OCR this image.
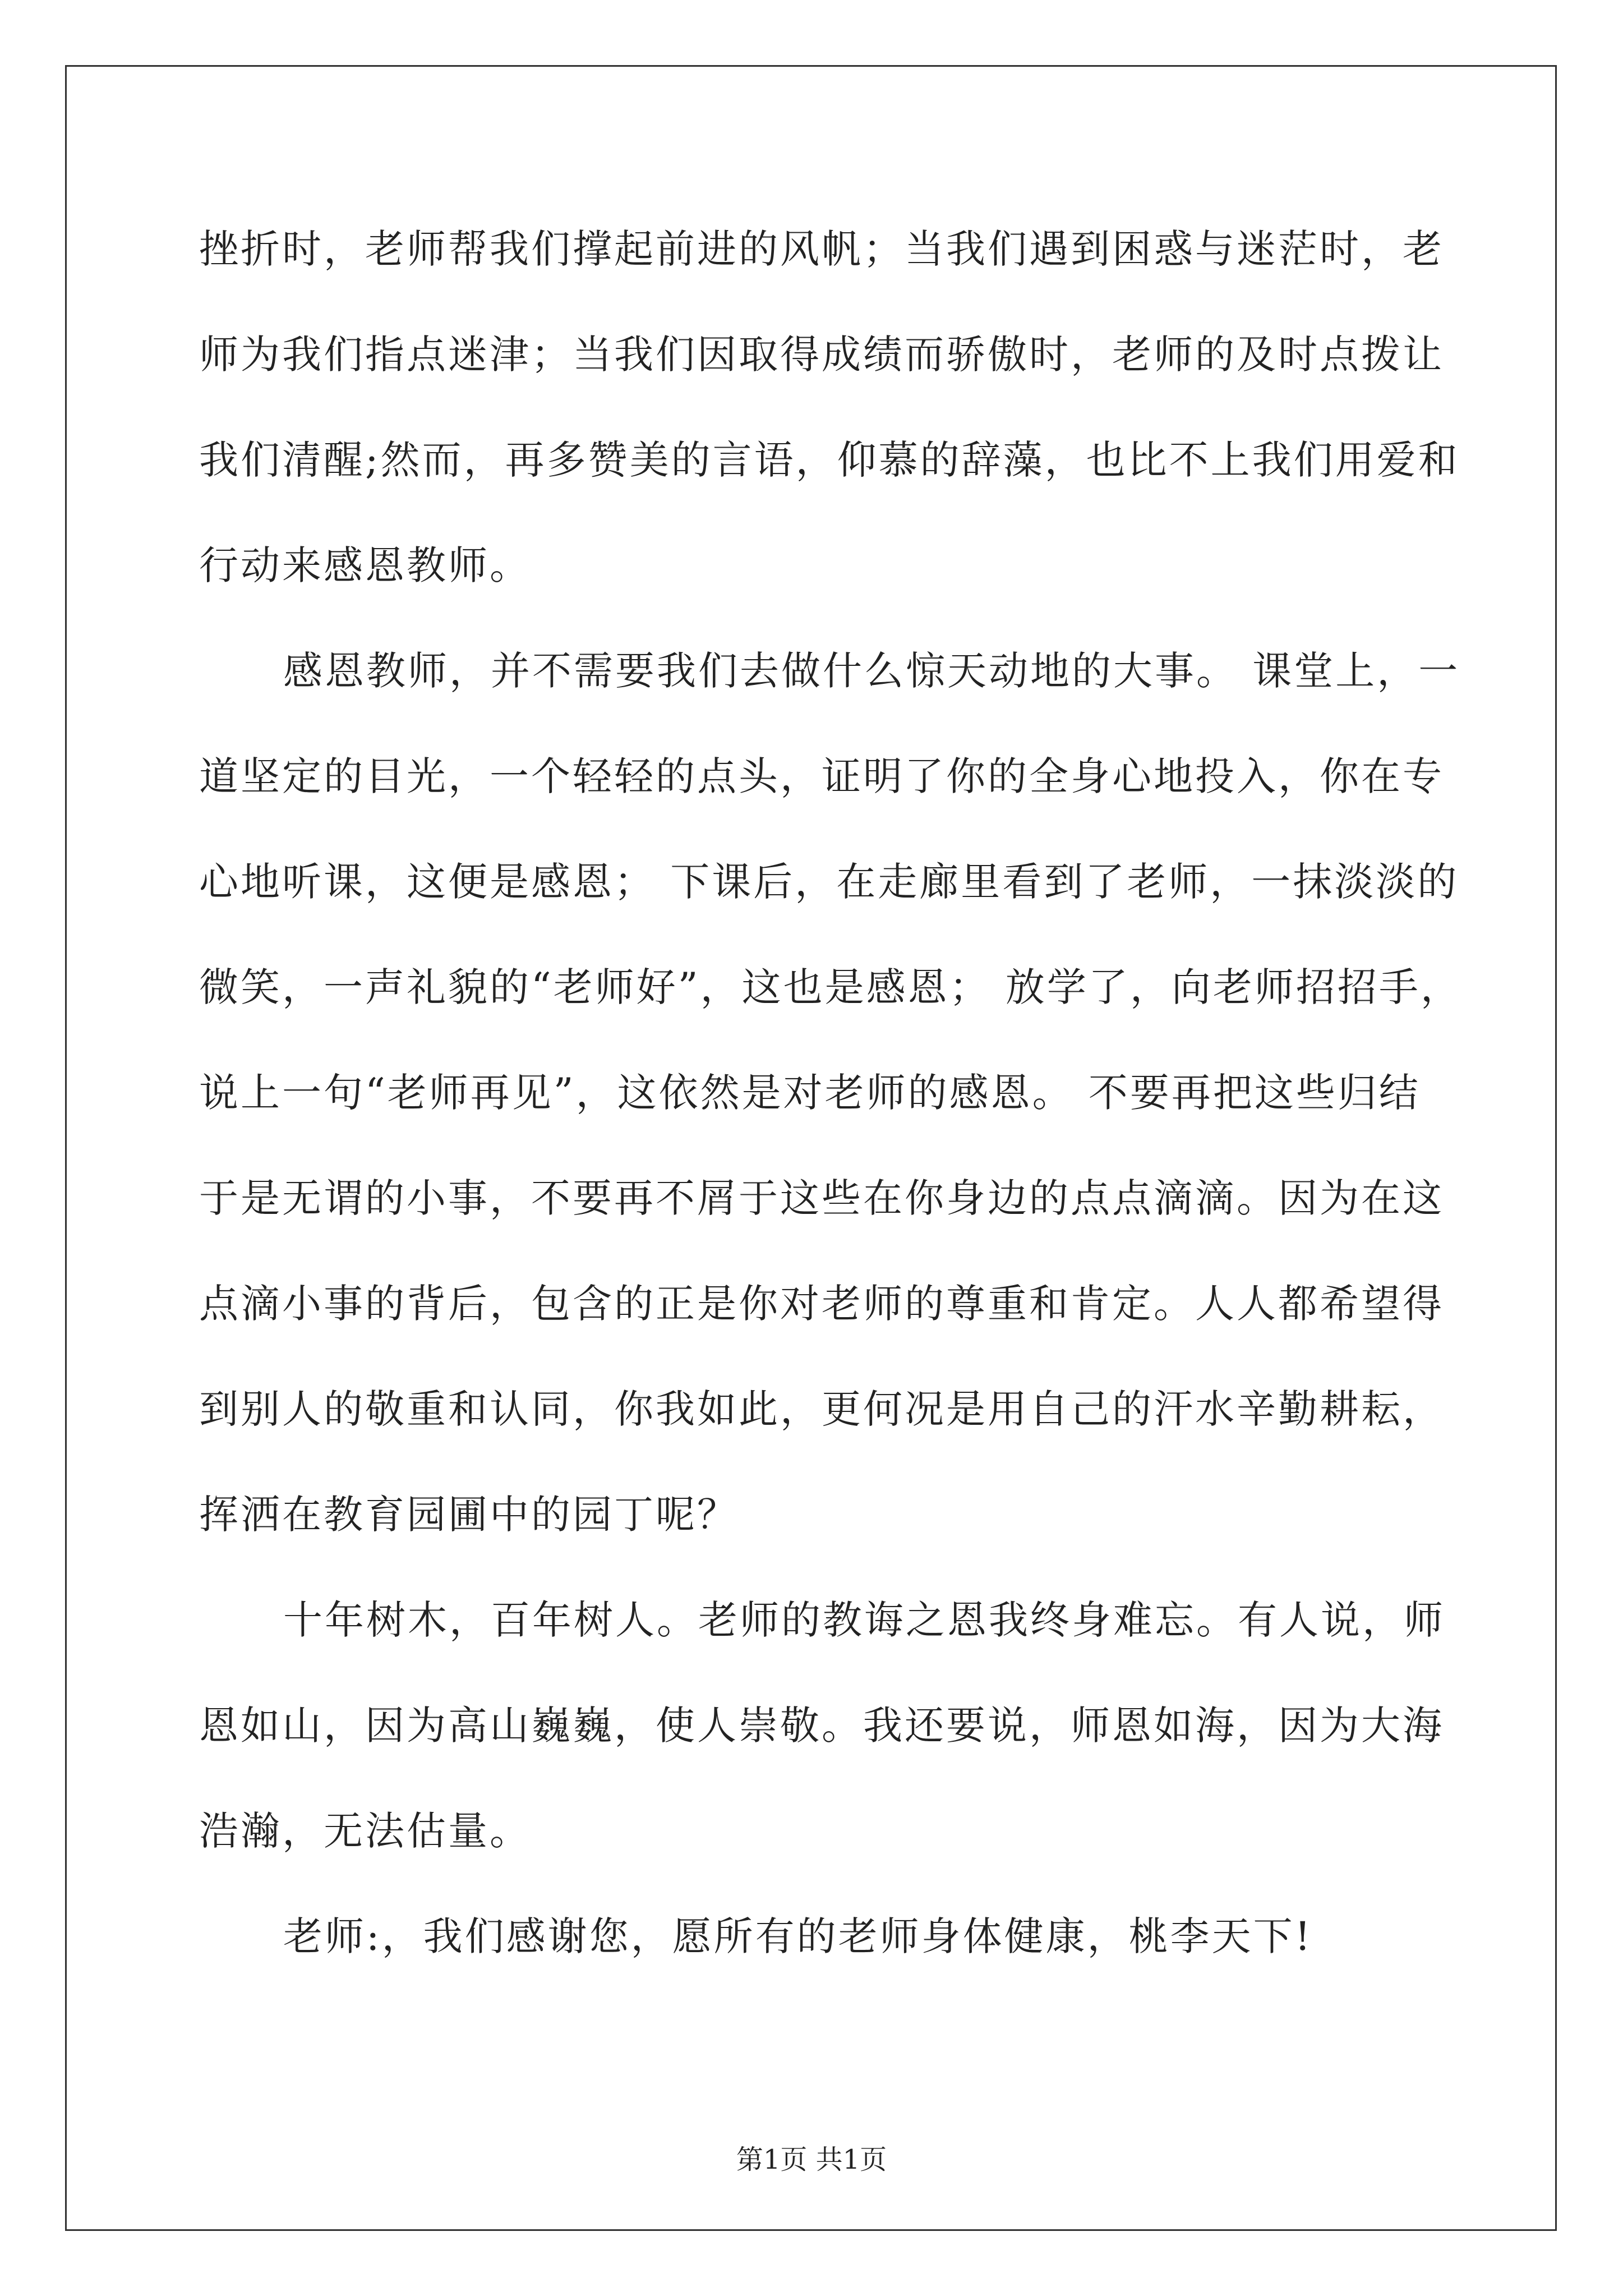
挫折时，老师帮我们撑起前进的风帆；当我们遇到困惑与迷茫时，老
师为我们指点迷津；当我们因取得成绩而骄傲时，老师的及时点拨让
我们清醒;然而，再多赞美的言语，仰慕的辞藻，也比不上我们用爱和
行动来感恩教师。
感恩教师，并不需要我们去做什么惊天动地的大事。 课堂上，一
道坚定的目光，一个轻轻的点头，证明了你的全身心地投入，你在专
心地听课，这便是感恩； 下课后，在走廊里看到了老师，一抹淡淡的
微笑，一声礼貌的“老师好”，这也是感恩； 放学了，向老师招招手，
说上一句“老师再见”，这依然是对老师的感恩。 不要再把这些归结
于是无谓的小事，不要再不屑于这些在你身边的点点滴滴。因为在这
点滴小事的背后，包含的正是你对老师的尊重和肯定。人人都希望得
到别人的敬重和认同，你我如此，更何况是用自己的汗水辛勤耕耘，
挥洒在教育园圃中的园丁呢？
十年树木，百年树人。老师的教诲之恩我终身难忘。有人说，师
恩如山，因为高山巍巍，使人崇敬。我还要说，师恩如海，因为大海
浩瀚，无法估量。
老师:，我们感谢您，愿所有的老师身体健康，桃李天下!
第1页 共1页
